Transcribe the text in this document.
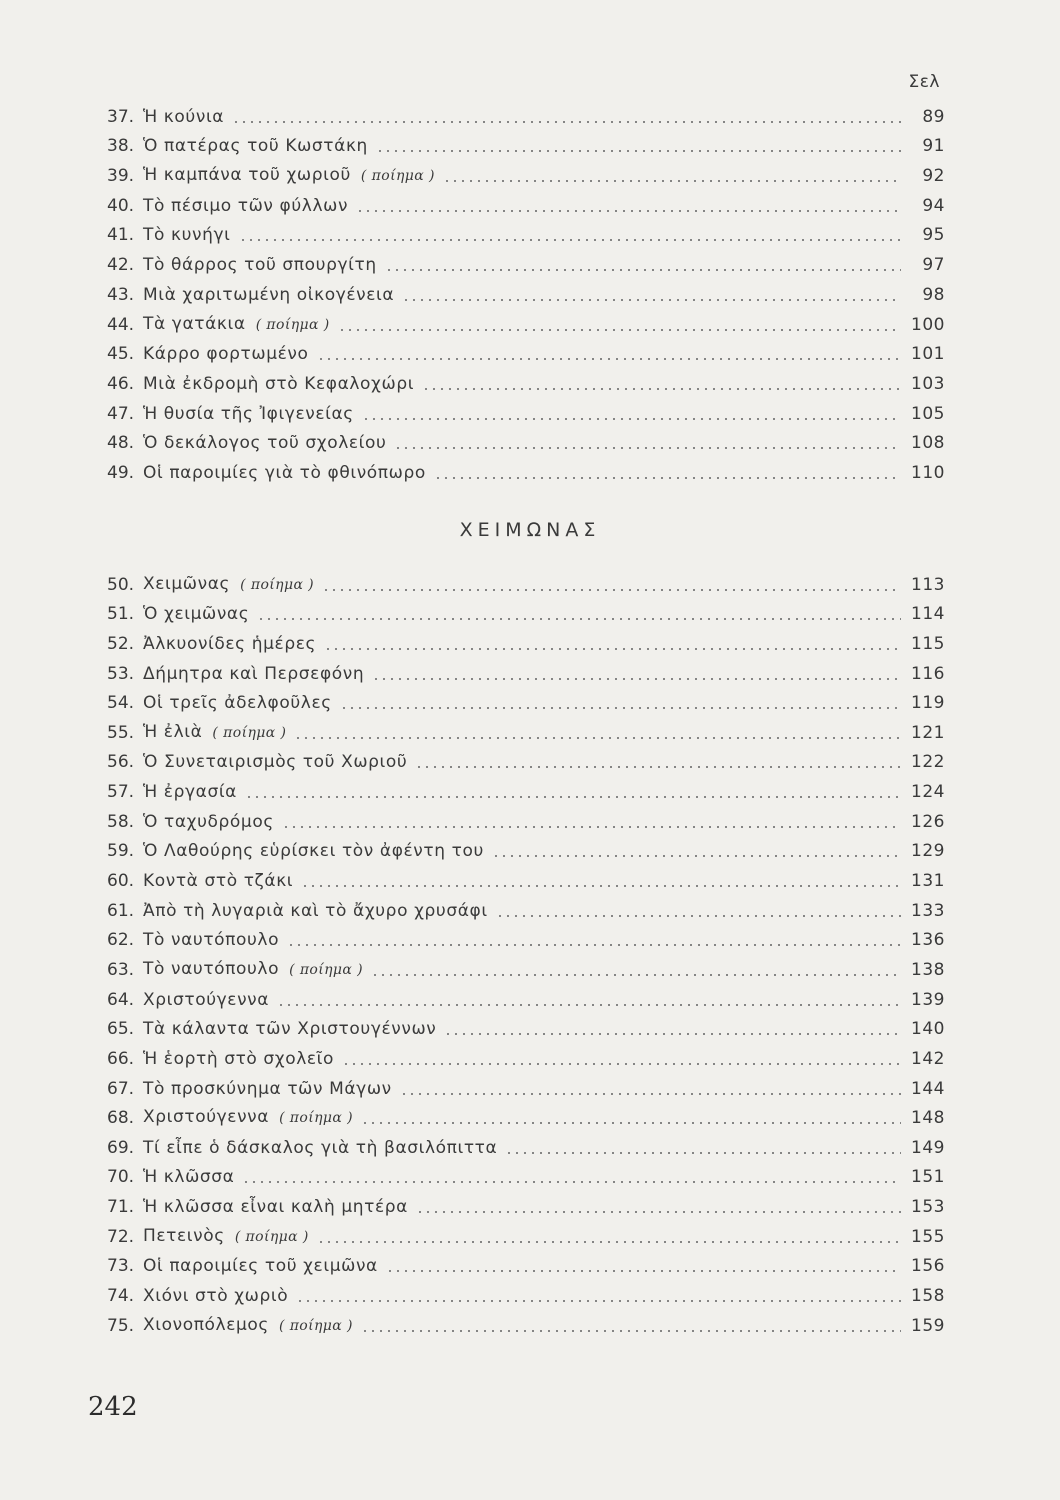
Σελ
37. Ἡ κούνια	89
38. Ὁ πατέρας τοῦ Κωστάκη	91
39. Ἡ καμπάνα τοῦ χωριοῦ ( ποίημα )	92
40. Τὸ πέσιμο τῶν φύλλων	94
41. Τὸ κυνήγι	95
42. Τὸ θάρρος τοῦ σπουργίτη	97
43. Μιὰ χαριτωμένη οἰκογένεια	98
44. Τὰ γατάκια ( ποίημα )	100
45. Κάρρο φορτωμένο	101
46. Μιὰ ἐκδρομὴ στὸ Κεφαλοχώρι	103
47. Ἡ θυσία τῆς Ἰφιγενείας	105
48. Ὁ δεκάλογος τοῦ σχολείου	108
49. Οἱ παροιμίες γιὰ τὸ φθινόπωρο	110
ΧΕΙΜΩΝΑΣ
50. Χειμῶνας ( ποίημα )	113
51. Ὁ χειμῶνας	114
52. Ἀλκυονίδες ἡμέρες	115
53. Δήμητρα καὶ Περσεφόνη	116
54. Οἱ τρεῖς ἀδελφοῦλες	119
55. Ἡ ἐλιὰ ( ποίημα )	121
56. Ὁ Συνεταιρισμὸς τοῦ Χωριοῦ	122
57. Ἡ ἐργασία	124
58. Ὁ ταχυδρόμος	126
59. Ὁ Λαθούρης εὑρίσκει τὸν ἀφέντη του	129
60. Κοντὰ στὸ τζάκι	131
61. Ἀπὸ τὴ λυγαριὰ καὶ τὸ ἄχυρο χρυσάφι	133
62. Τὸ ναυτόπουλο	136
63. Τὸ ναυτόπουλο ( ποίημα )	138
64. Χριστούγεννα	139
65. Τὰ κάλαντα τῶν Χριστουγέννων	140
66. Ἡ ἑορτὴ στὸ σχολεῖο	142
67. Τὸ προσκύνημα τῶν Μάγων	144
68. Χριστούγεννα ( ποίημα )	148
69. Τί εἶπε ὁ δάσκαλος γιὰ τὴ βασιλόπιττα	149
70. Ἡ κλῶσσα	151
71. Ἡ κλῶσσα εἶναι καλὴ μητέρα	153
72. Πετεινὸς ( ποίημα )	155
73. Οἱ παροιμίες τοῦ χειμῶνα	156
74. Χιόνι στὸ χωριὸ	158
75. Χιονοπόλεμος ( ποίημα )	159
242
